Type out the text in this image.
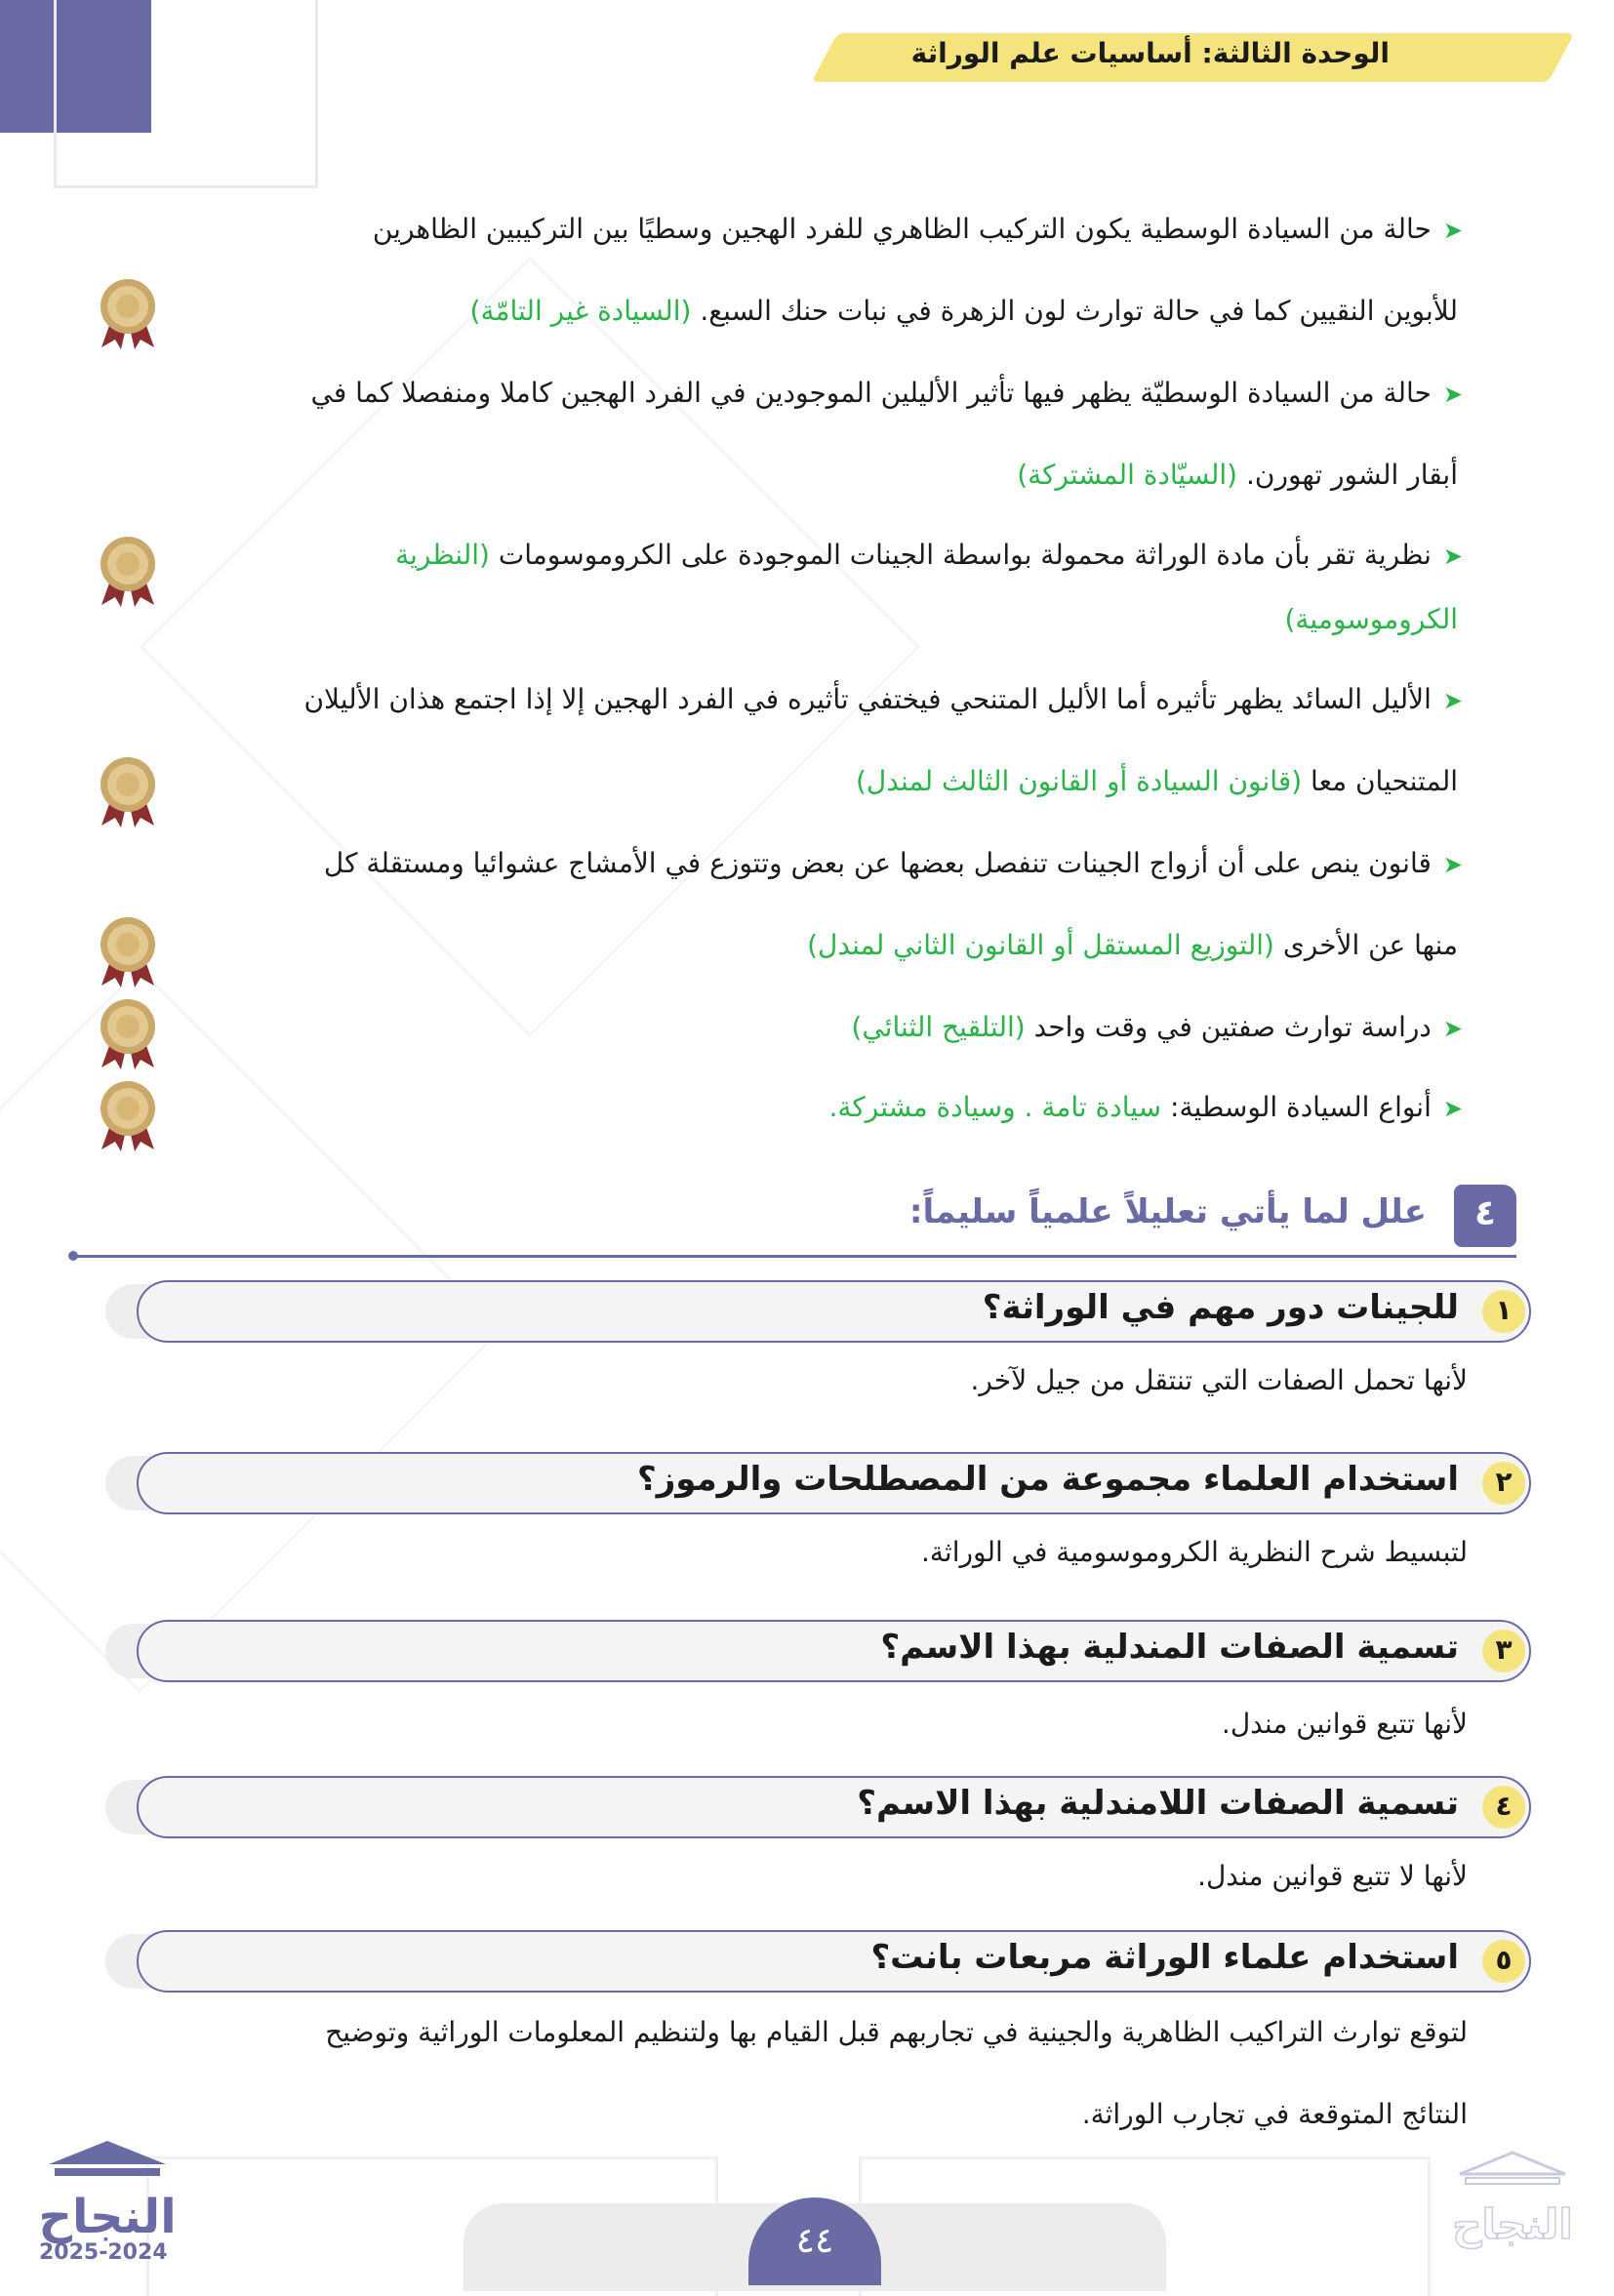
الوحدة الثالثة: أساسيات علم الوراثة
➤حالة من السيادة الوسطية يكون التركيب الظاهري للفرد الهجين وسطيًا بين التركيبين الظاهرين
للأبوين النقيين كما في حالة توارث لون الزهرة في نبات حنك السبع. (السيادة غير التامّة)
➤حالة من السيادة الوسطيّة يظهر فيها تأثير الأليلين الموجودين في الفرد الهجين كاملا ومنفصلا كما في
أبقار الشور تهورن. (السيّادة المشتركة)
➤نظرية تقر بأن مادة الوراثة محمولة بواسطة الجينات الموجودة على الكروموسومات (النظرية
الكروموسومية)
➤الأليل السائد يظهر تأثيره أما الأليل المتنحي فيختفي تأثيره في الفرد الهجين إلا إذا اجتمع هذان الأليلان
المتنحيان معا (قانون السيادة أو القانون الثالث لمندل)
➤قانون ينص على أن أزواج الجينات تنفصل بعضها عن بعض وتتوزع في الأمشاج عشوائيا ومستقلة كل
منها عن الأخرى (التوزيع المستقل أو القانون الثاني لمندل)
➤دراسة توارث صفتين في وقت واحد (التلقيح الثنائي)
➤أنواع السيادة الوسطية: سيادة تامة . وسيادة مشتركة.
٤
علل لما يأتي تعليلاً علمياً سليماً:
١
للجينات دور مهم في الوراثة؟
لأنها تحمل الصفات التي تنتقل من جيل لآخر.
٢
استخدام العلماء مجموعة من المصطلحات والرموز؟
لتبسيط شرح النظرية الكروموسومية في الوراثة.
٣
تسمية الصفات المندلية بهذا الاسم؟
لأنها تتبع قوانين مندل.
٤
تسمية الصفات اللامندلية بهذا الاسم؟
لأنها لا تتبع قوانين مندل.
٥
استخدام علماء الوراثة مربعات بانت؟
لتوقع توارث التراكيب الظاهرية والجينية في تجاربهم قبل القيام بها ولتنظيم المعلومات الوراثية وتوضيح
النتائج المتوقعة في تجارب الوراثة.
٤٤
النجاح
2025-2024
النجاح
